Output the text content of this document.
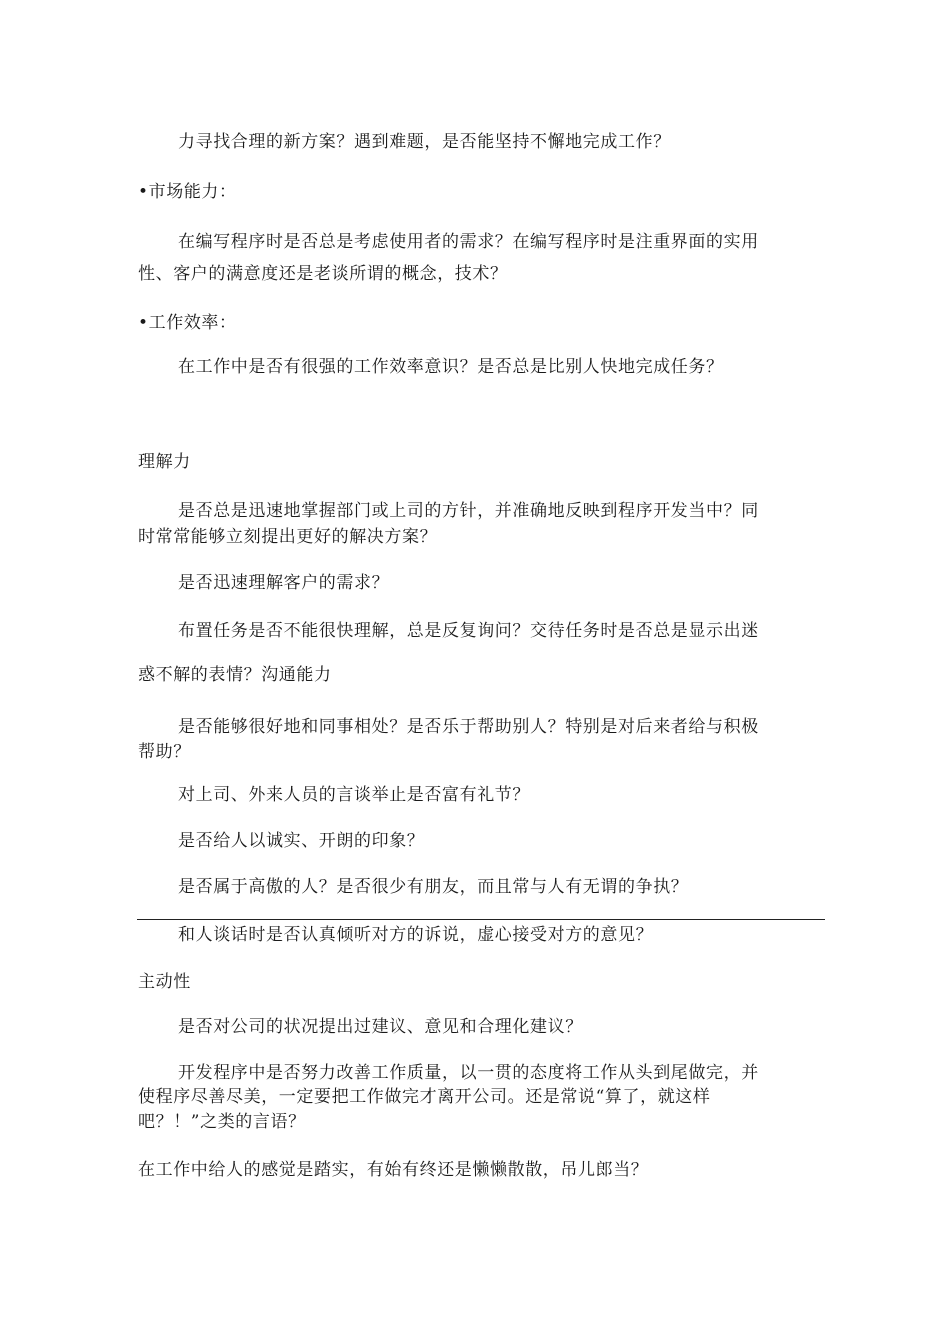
力寻找合理的新方案？遇到难题，是否能坚持不懈地完成工作？
•市场能力：
在编写程序时是否总是考虑使用者的需求？在编写程序时是注重界面的实用
性、客户的满意度还是老谈所谓的概念，技术？
•工作效率：
在工作中是否有很强的工作效率意识？是否总是比别人快地完成任务？
理解力
是否总是迅速地掌握部门或上司的方针，并准确地反映到程序开发当中？同
时常常能够立刻提出更好的解决方案？
是否迅速理解客户的需求？
布置任务是否不能很快理解，总是反复询问？交待任务时是否总是显示出迷
惑不解的表情？沟通能力
是否能够很好地和同事相处？是否乐于帮助别人？特别是对后来者给与积极
帮助？
对上司、外来人员的言谈举止是否富有礼节？
是否给人以诚实、开朗的印象？
是否属于高傲的人？是否很少有朋友，而且常与人有无谓的争执？
和人谈话时是否认真倾听对方的诉说，虚心接受对方的意见？
主动性
是否对公司的状况提出过建议、意见和合理化建议？
开发程序中是否努力改善工作质量，以一贯的态度将工作从头到尾做完，并
使程序尽善尽美，一定要把工作做完才离开公司。还是常说“算了，就这样
吧？！”之类的言语？
在工作中给人的感觉是踏实，有始有终还是懒懒散散，吊儿郎当？
